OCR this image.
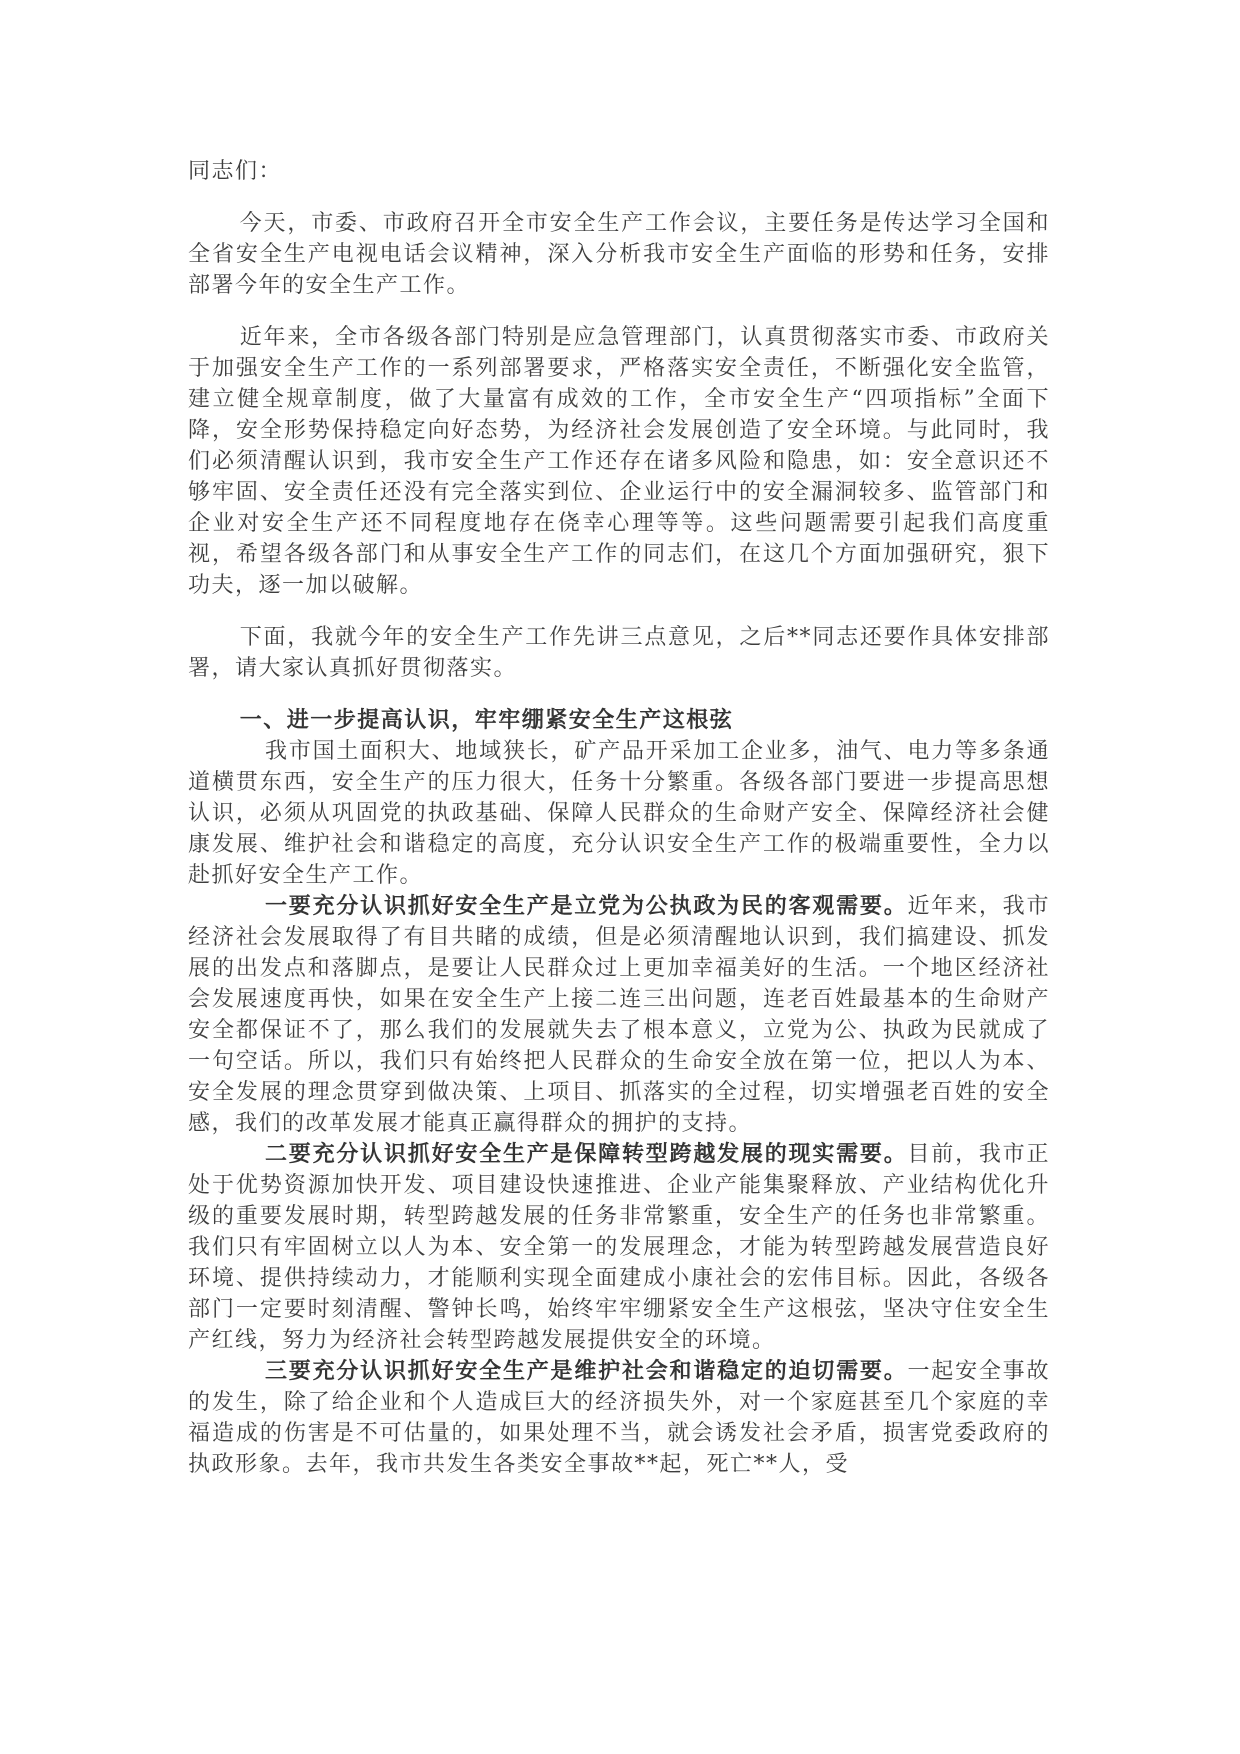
同志们：

今天，市委、市政府召开全市安全生产工作会议，主要任务是传达学习全国和全省安全生产电视电话会议精神，深入分析我市安全生产面临的形势和任务，安排部署今年的安全生产工作。

近年来，全市各级各部门特别是应急管理部门，认真贯彻落实市委、市政府关于加强安全生产工作的一系列部署要求，严格落实安全责任，不断强化安全监管，建立健全规章制度，做了大量富有成效的工作，全市安全生产“四项指标”全面下降，安全形势保持稳定向好态势，为经济社会发展创造了安全环境。与此同时，我们必须清醒认识到，我市安全生产工作还存在诸多风险和隐患，如：安全意识还不够牢固、安全责任还没有完全落实到位、企业运行中的安全漏洞较多、监管部门和企业对安全生产还不同程度地存在侥幸心理等等。这些问题需要引起我们高度重视，希望各级各部门和从事安全生产工作的同志们，在这几个方面加强研究，狠下功夫，逐一加以破解。

下面，我就今年的安全生产工作先讲三点意见，之后**同志还要作具体安排部署，请大家认真抓好贯彻落实。

一、进一步提高认识，牢牢绷紧安全生产这根弦

我市国土面积大、地域狭长，矿产品开采加工企业多，油气、电力等多条通道横贯东西，安全生产的压力很大，任务十分繁重。各级各部门要进一步提高思想认识，必须从巩固党的执政基础、保障人民群众的生命财产安全、保障经济社会健康发展、维护社会和谐稳定的高度，充分认识安全生产工作的极端重要性，全力以赴抓好安全生产工作。

一要充分认识抓好安全生产是立党为公执政为民的客观需要。近年来，我市经济社会发展取得了有目共睹的成绩，但是必须清醒地认识到，我们搞建设、抓发展的出发点和落脚点，是要让人民群众过上更加幸福美好的生活。一个地区经济社会发展速度再快，如果在安全生产上接二连三出问题，连老百姓最基本的生命财产安全都保证不了，那么我们的发展就失去了根本意义，立党为公、执政为民就成了一句空话。所以，我们只有始终把人民群众的生命安全放在第一位，把以人为本、安全发展的理念贯穿到做决策、上项目、抓落实的全过程，切实增强老百姓的安全感，我们的改革发展才能真正赢得群众的拥护的支持。

二要充分认识抓好安全生产是保障转型跨越发展的现实需要。目前，我市正处于优势资源加快开发、项目建设快速推进、企业产能集聚释放、产业结构优化升级的重要发展时期，转型跨越发展的任务非常繁重，安全生产的任务也非常繁重。我们只有牢固树立以人为本、安全第一的发展理念，才能为转型跨越发展营造良好环境、提供持续动力，才能顺利实现全面建成小康社会的宏伟目标。因此，各级各部门一定要时刻清醒、警钟长鸣，始终牢牢绷紧安全生产这根弦，坚决守住安全生产红线，努力为经济社会转型跨越发展提供安全的环境。

三要充分认识抓好安全生产是维护社会和谐稳定的迫切需要。一起安全事故的发生，除了给企业和个人造成巨大的经济损失外，对一个家庭甚至几个家庭的幸福造成的伤害是不可估量的，如果处理不当，就会诱发社会矛盾，损害党委政府的执政形象。去年，我市共发生各类安全事故**起，死亡**人，受
